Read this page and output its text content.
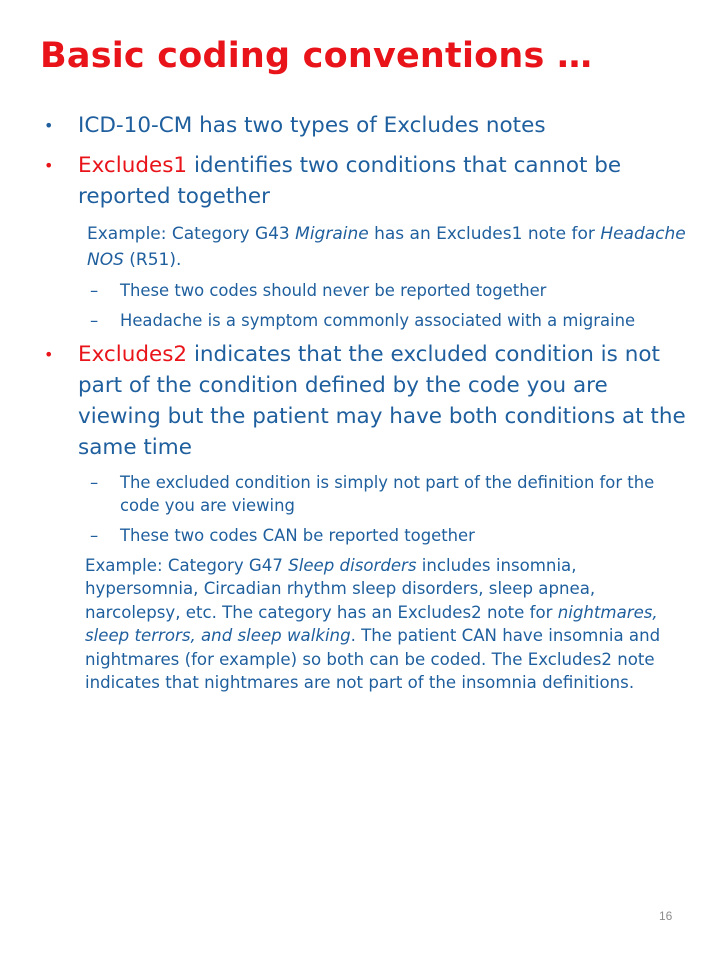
Basic coding conventions …
• ICD-10-CM has two types of Excludes notes
• Excludes1 identifies two conditions that cannot be reported together
Example: Category G43 Migraine has an Excludes1 note for Headache NOS (R51).
– These two codes should never be reported together
– Headache is a symptom commonly associated with a migraine
• Excludes2 indicates that the excluded condition is not part of the condition defined by the code you are viewing but the patient may have both conditions at the same time
– The excluded condition is simply not part of the definition for the code you are viewing
– These two codes CAN be reported together
Example: Category G47 Sleep disorders includes insomnia, hypersomnia, Circadian rhythm sleep disorders, sleep apnea, narcolepsy, etc. The category has an Excludes2 note for nightmares, sleep terrors, and sleep walking. The patient CAN have insomnia and nightmares (for example) so both can be coded. The Excludes2 note indicates that nightmares are not part of the insomnia definitions.
16
